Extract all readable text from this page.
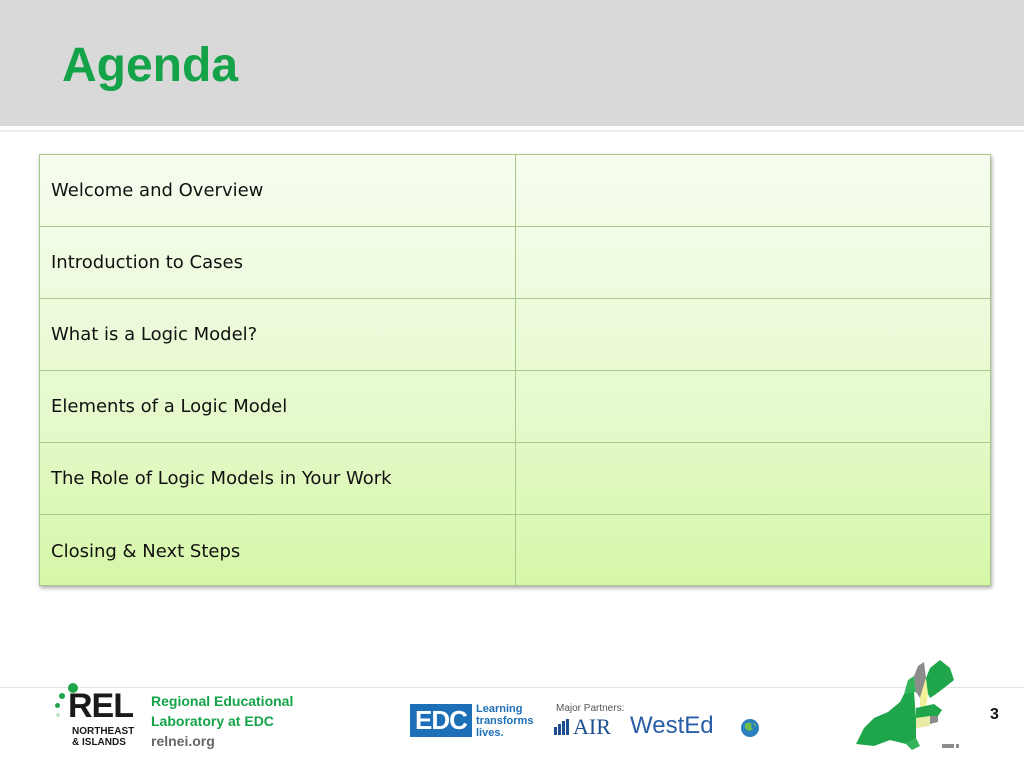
Agenda
Welcome and Overview
Introduction to Cases
What is a Logic Model?
Elements of a Logic Model
The Role of Logic Models in Your Work
Closing & Next Steps
REL
NORTHEAST
& ISLANDS
Regional Educational
Laboratory at EDC
relnei.org
EDC Learning
transforms
lives.
Major Partners:
AIR WestEd	3
